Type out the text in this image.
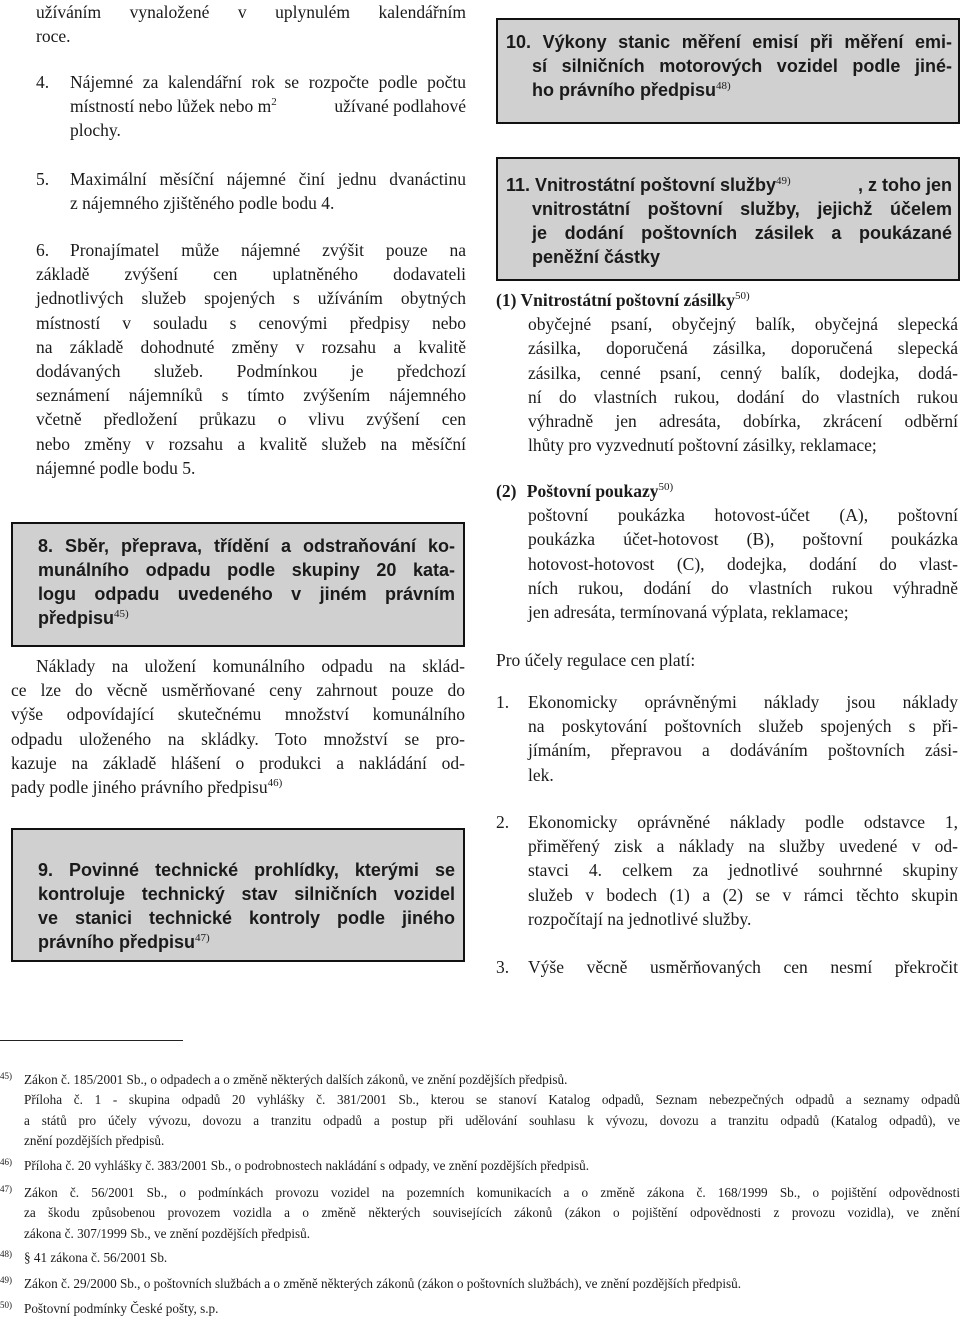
užíváním vynaložené v uplynulém kalendářním
roce.
4. Nájemné za kalendářní rok se rozpočte podle počtu
místností nebo lůžek nebo m$^2$	užívané podlahové
plochy.
5. Maximální měsíční nájemné činí jednu dvanáctinu
z nájemného zjištěného podle bodu 4.
6. Pronajímatel může nájemné zvýšit pouze na
základě zvýšení cen uplatněného dodavateli
jednotlivých služeb spojených s užíváním obytných
místností v souladu s cenovými předpisy nebo
na základě dohodnuté změny v rozsahu a kvalitě
dodávaných služeb. Podmínkou je předchozí
seznámení nájemníků s tímto zvýšením nájemného
včetně předložení průkazu o vlivu zvýšení cen
nebo změny v rozsahu a kvalitě služeb na měsíční
nájemné podle bodu 5.
8. Sběr, přeprava, třídění a odstraňování ko-
munálního odpadu podle skupiny 20 kata-
logu odpadu uvedeného v jiném právním
předpisu$^{45)}$
Náklady na uložení komunálního odpadu na sklád-
ce lze do věcně usměrňované ceny zahrnout pouze do
výše odpovídající skutečnému množství komunálního
odpadu uloženého na skládky. Toto množství se pro-
kazuje na základě hlášení o produkci a nakládání od-
pady podle jiného právního předpisu$^{46)}$
9. Povinné technické prohlídky, kterými se
kontroluje technický stav silničních vozidel
ve stanici technické kontroly podle jiného
právního předpisu$^{47)}$
10. Výkony stanic měření emisí při měření emi-
sí silničních motorových vozidel podle jiné-
ho právního předpisu$^{48)}$
11. Vnitrostátní poštovní služby$^{49)}$	, z toho jen
vnitrostátní poštovní služby, jejichž účelem
je dodání poštovních zásilek a poukázané
peněžní částky
(1) Vnitrostátní poštovní zásilky$^{50)}$
obyčejné psaní, obyčejný balík, obyčejná slepecká
zásilka, doporučená zásilka, doporučená slepecká
zásilka, cenné psaní, cenný balík, dodejka, dodá-
ní do vlastních rukou, dodání do vlastních rukou
výhradně jen adresáta, dobírka, zkrácení odběrní
lhůty pro vyzvednutí poštovní zásilky, reklamace;
(2) Poštovní poukazy$^{50)}$
poštovní poukázka hotovost-účet (A), poštovní
poukázka účet-hotovost (B), poštovní poukázka
hotovost-hotovost (C), dodejka, dodání do vlast-
ních rukou, dodání do vlastních rukou výhradně
jen adresáta, termínovaná výplata, reklamace;
Pro účely regulace cen platí:
1. Ekonomicky oprávněnými náklady jsou náklady
na poskytování poštovních služeb spojených s při-
jímáním, přepravou a dodáváním poštovních zási-
lek.
2. Ekonomicky oprávněné náklady podle odstavce 1,
přiměřený zisk a náklady na služby uvedené v od-
stavci 4. celkem za jednotlivé souhrnné skupiny
služeb v bodech (1) a (2) se v rámci těchto skupin
rozpočítají na jednotlivé služby.
3. Výše věcně usměrňovaných cen nesmí překročit
45) Zákon č. 185/2001 Sb., o odpadech a o změně některých dalších zákonů, ve znění pozdějších předpisů.
Příloha č. 1 - skupina odpadů 20 vyhlášky č. 381/2001 Sb., kterou se stanoví Katalog odpadů, Seznam nebezpečných odpadů a seznamy odpadů
a států pro účely vývozu, dovozu a tranzitu odpadů a postup při udělování souhlasu k vývozu, dovozu a tranzitu odpadů (Katalog odpadů), ve
znění pozdějších předpisů.
46) Příloha č. 20 vyhlášky č. 383/2001 Sb., o podrobnostech nakládání s odpady, ve znění pozdějších předpisů.
47) Zákon č. 56/2001 Sb., o podmínkách provozu vozidel na pozemních komunikacích a o změně zákona č. 168/1999 Sb., o pojištění odpovědnosti
za škodu způsobenou provozem vozidla a o změně některých souvisejících zákonů (zákon o pojištění odpovědnosti z provozu vozidla), ve znění
zákona č. 307/1999 Sb., ve znění pozdějších předpisů.
48) § 41 zákona č. 56/2001 Sb.
49) Zákon č. 29/2000 Sb., o poštovních službách a o změně některých zákonů (zákon o poštovních službách), ve znění pozdějších předpisů.
50) Poštovní podmínky České pošty, s.p.
